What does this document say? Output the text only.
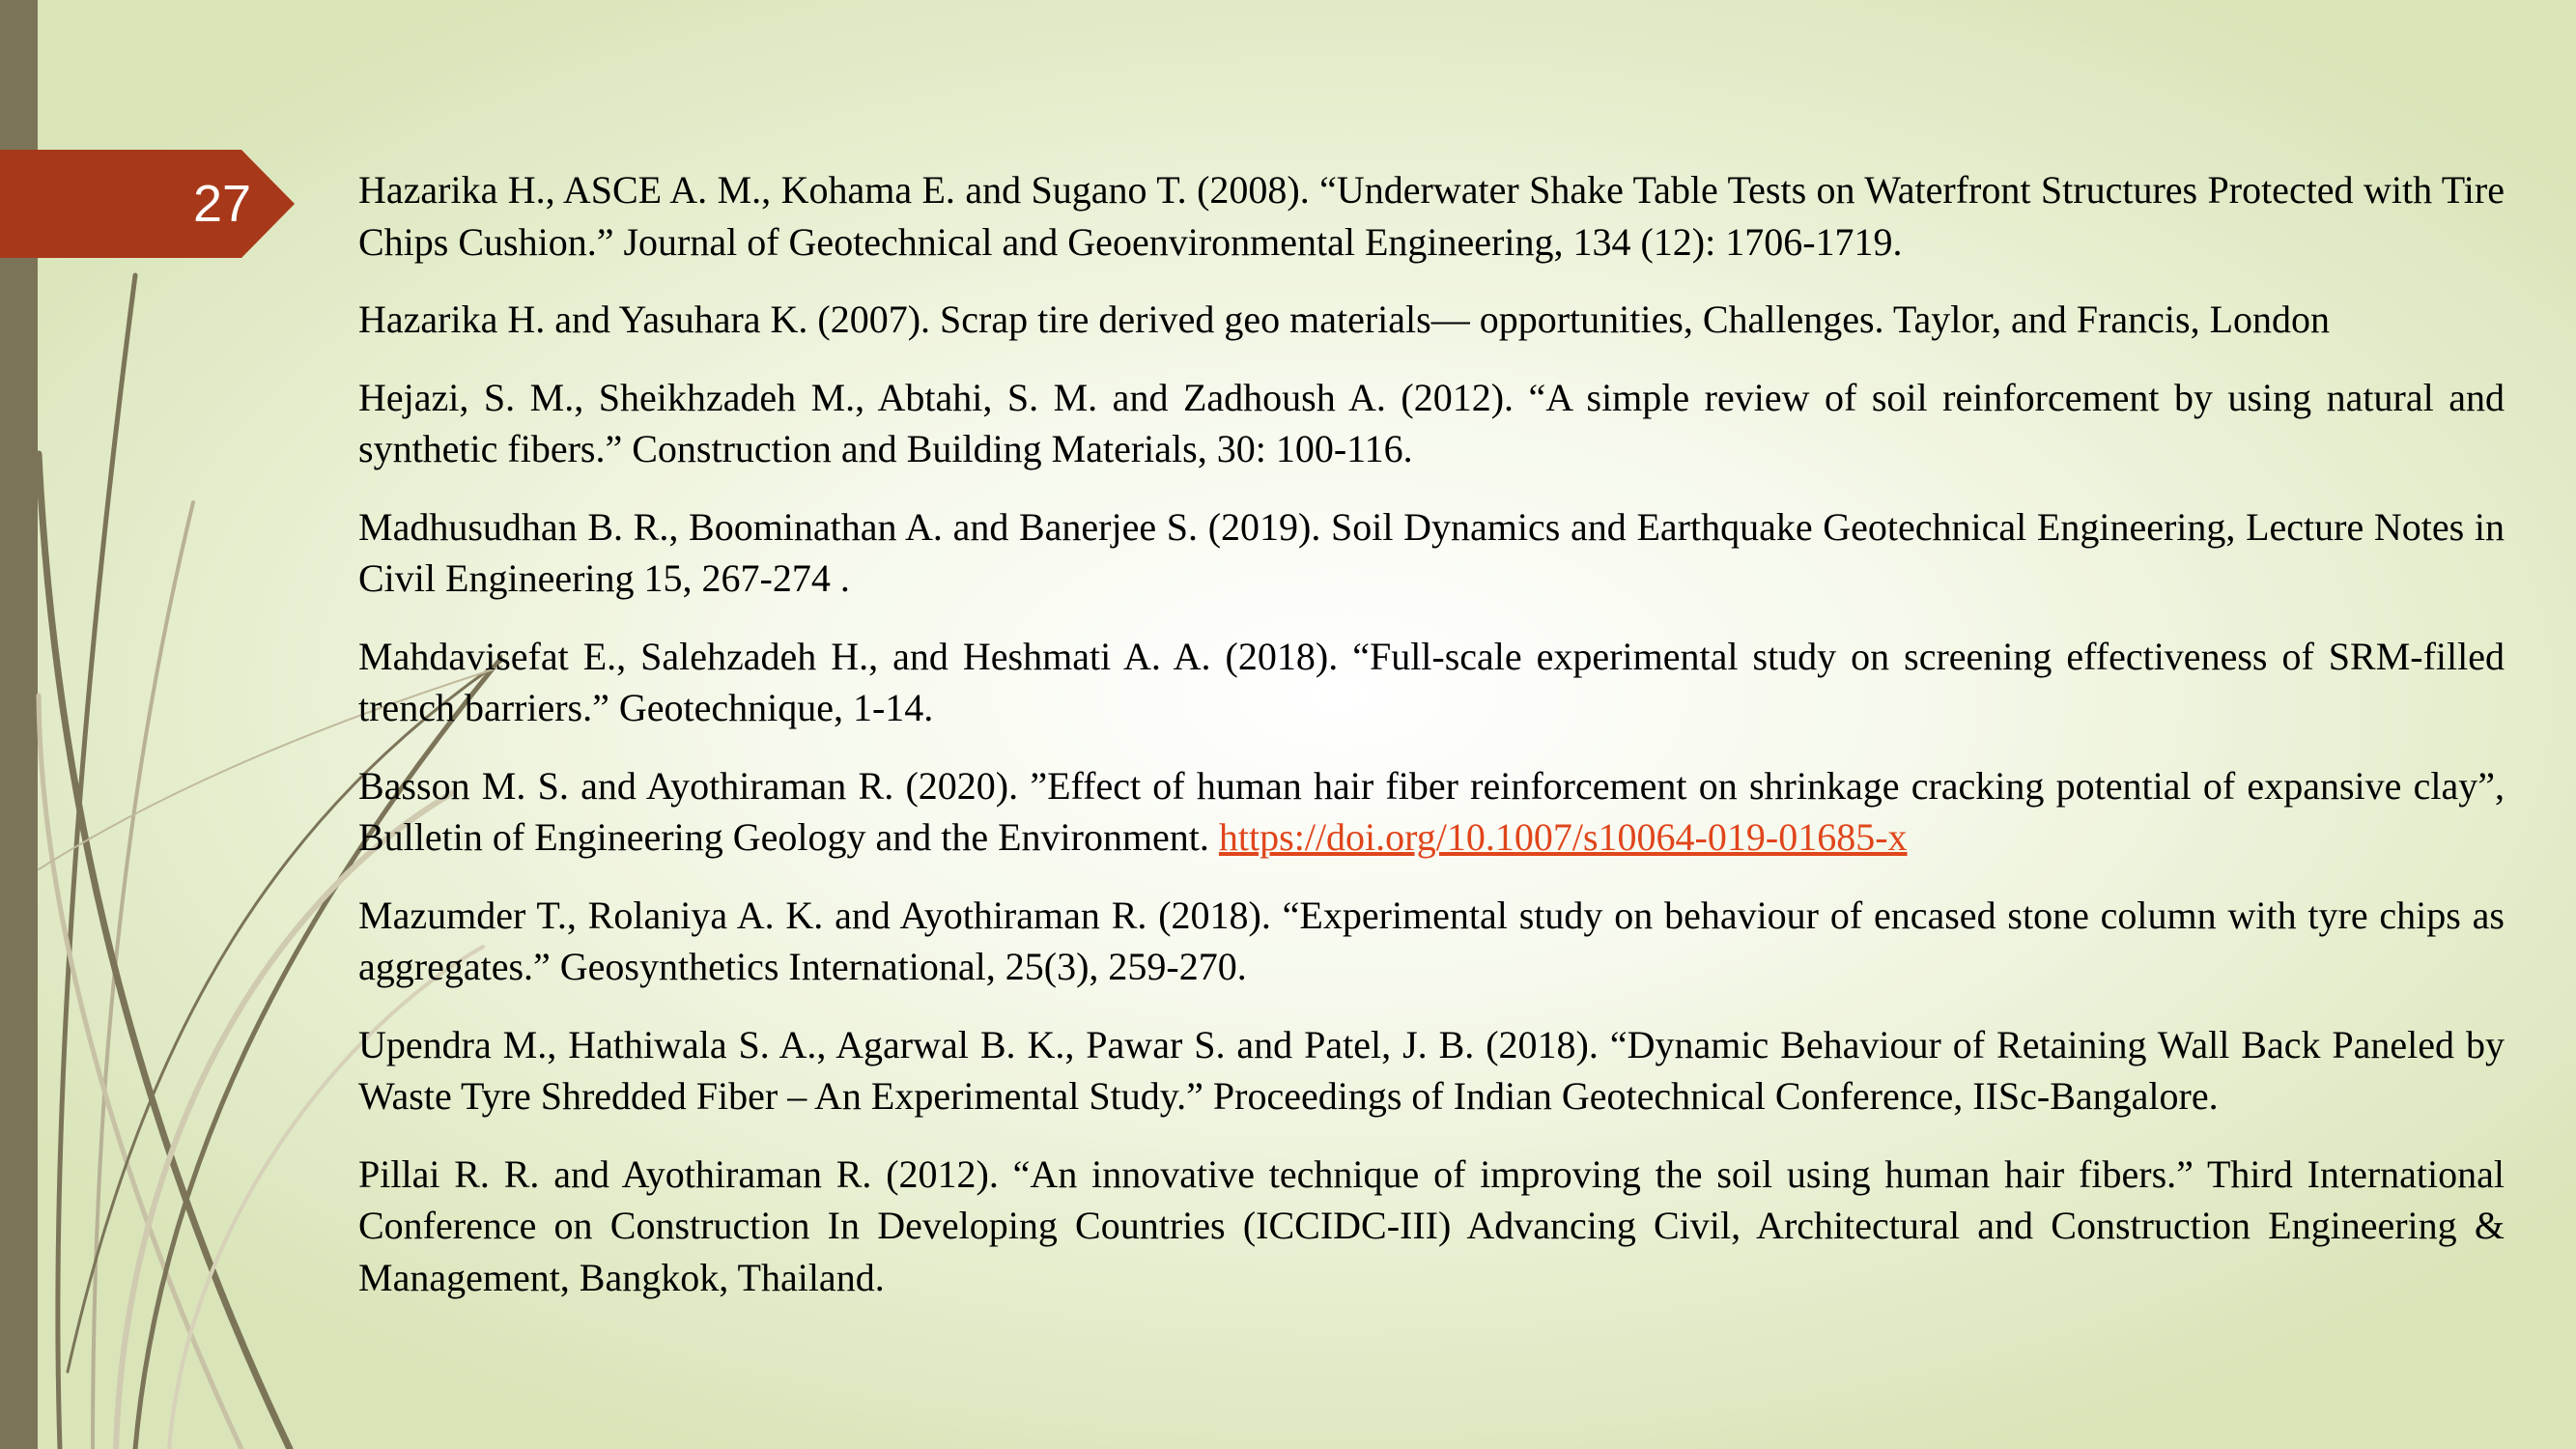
27	Hazarika H., ASCE A. M., Kohama E. and Sugano T. (2008). “Underwater Shake Table Tests on Waterfront Structures Protected with Tire Chips Cushion.” Journal of Geotechnical and Geoenvironmental Engineering, 134 (12): 1706-1719.

Hazarika H. and Yasuhara K. (2007). Scrap tire derived geo materials— opportunities, Challenges. Taylor, and Francis, London

Hejazi, S. M., Sheikhzadeh M., Abtahi, S. M. and Zadhoush A. (2012). “A simple review of soil reinforcement by using natural and synthetic fibers.” Construction and Building Materials, 30: 100-116.

Madhusudhan B. R., Boominathan A. and Banerjee S. (2019). Soil Dynamics and Earthquake Geotechnical Engineering, Lecture Notes in Civil Engineering 15, 267-274 .

Mahdavisefat E., Salehzadeh H., and Heshmati A. A. (2018). “Full-scale experimental study on screening effectiveness of SRM-filled trench barriers.” Geotechnique, 1-14.

Basson M. S. and Ayothiraman R. (2020). ”Effect of human hair fiber reinforcement on shrinkage cracking potential of expansive clay”, Bulletin of Engineering Geology and the Environment. https://doi.org/10.1007/s10064-019-01685-x

Mazumder T., Rolaniya A. K. and Ayothiraman R. (2018). “Experimental study on behaviour of encased stone column with tyre chips as aggregates.” Geosynthetics International, 25(3), 259-270.

Upendra M., Hathiwala S. A., Agarwal B. K., Pawar S. and Patel, J. B. (2018). “Dynamic Behaviour of Retaining Wall Back Paneled by Waste Tyre Shredded Fiber – An Experimental Study.” Proceedings of Indian Geotechnical Conference, IISc-Bangalore.

Pillai R. R. and Ayothiraman R. (2012). “An innovative technique of improving the soil using human hair fibers.” Third International Conference on Construction In Developing Countries (ICCIDC-III) Advancing Civil, Architectural and Construction Engineering & Management, Bangkok, Thailand.
